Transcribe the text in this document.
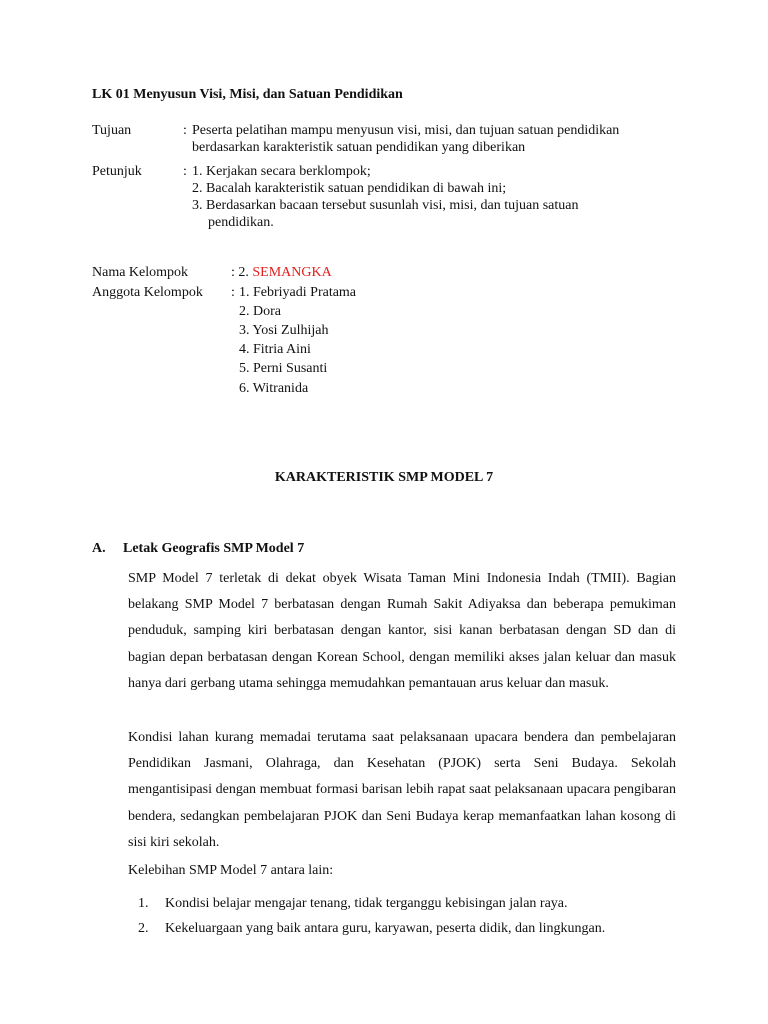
LK 01 Menyusun Visi, Misi, dan Satuan Pendidikan
Tujuan	: Peserta pelatihan mampu menyusun visi, misi, dan tujuan satuan pendidikan
berdasarkan karakteristik satuan pendidikan yang diberikan
Petunjuk	: 1. Kerjakan secara berklompok;
2. Bacalah karakteristik satuan pendidikan di bawah ini;
3. Berdasarkan bacaan tersebut susunlah visi, misi, dan tujuan satuan
pendidikan.
Nama Kelompok	: 2. SEMANGKA
Anggota Kelompok : 1. Febriyadi Pratama
2. Dora
3. Yosi Zulhijah
4. Fitria Aini
5. Perni Susanti
6. Witranida
KARAKTERISTIK SMP MODEL 7
A. Letak Geografis SMP Model 7
SMP Model 7 terletak di dekat obyek Wisata Taman Mini Indonesia Indah (TMII). Bagian belakang SMP Model 7 berbatasan dengan Rumah Sakit Adiyaksa dan beberapa pemukiman penduduk, samping kiri berbatasan dengan kantor, sisi kanan berbatasan dengan SD dan di bagian depan berbatasan dengan Korean School, dengan memiliki akses jalan keluar dan masuk hanya dari gerbang utama sehingga memudahkan pemantauan arus keluar dan masuk.
Kondisi lahan kurang memadai terutama saat pelaksanaan upacara bendera dan pembelajaran Pendidikan Jasmani, Olahraga, dan Kesehatan (PJOK) serta Seni Budaya. Sekolah mengantisipasi dengan membuat formasi barisan lebih rapat saat pelaksanaan upacara pengibaran bendera, sedangkan pembelajaran PJOK dan Seni Budaya kerap memanfaatkan lahan kosong di sisi kiri sekolah.
Kelebihan SMP Model 7 antara lain:
1. Kondisi belajar mengajar tenang, tidak terganggu kebisingan jalan raya.
2. Kekeluargaan yang baik antara guru, karyawan, peserta didik, dan lingkungan.
